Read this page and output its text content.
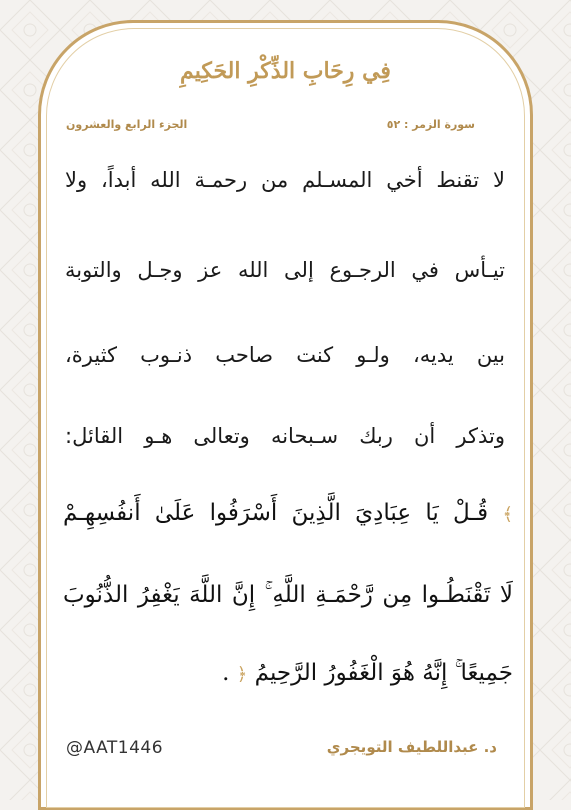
فِي رِحَابِ الذِّكْرِ الحَكِيمِ
سورة الزمر : ٥٢
الجزء الرابع والعشرون
لا تقنط أخي المسـلم من رحمـة الله أبداً، ولا
تيـأس في الرجـوع إلى الله عز وجـل والتوبة
بين يديه، ولـو كنت صاحب ذنـوب كثيرة،
وتذكر أن ربك سـبحانه وتعالى هـو القائل:
﴾ قُـلْ يَا عِبَادِيَ الَّذِينَ أَسْرَفُوا عَلَىٰ أَنفُسِهِـمْ
لَا تَقْنَطُـوا مِن رَّحْمَـةِ اللَّهِ ۚ إِنَّ اللَّهَ يَغْفِرُ الذُّنُوبَ
جَمِيعًا ۚ إِنَّهُ هُوَ الْغَفُورُ الرَّحِيمُ ﴿ .
@AAT1446	د. عبداللطيف التويجري
